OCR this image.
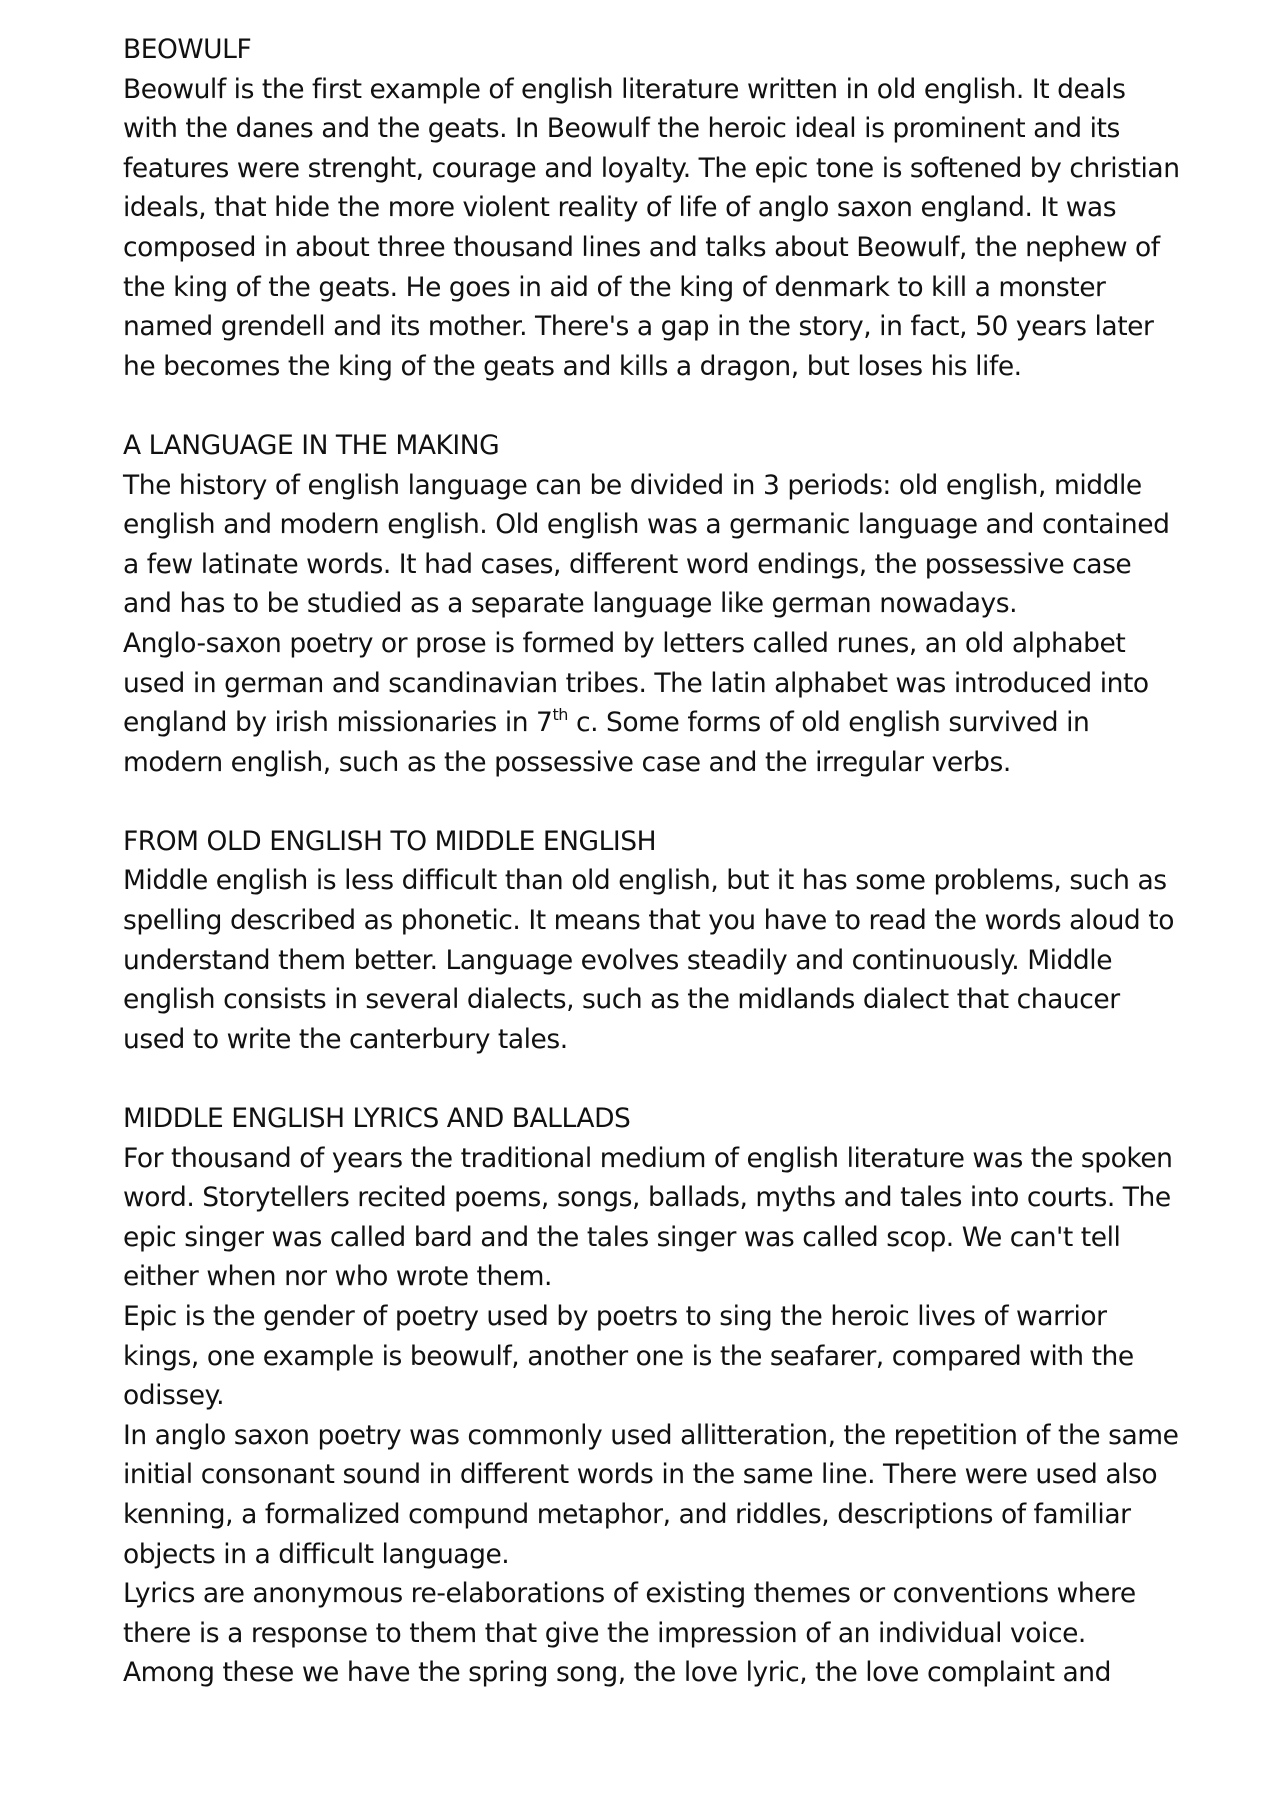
BEOWULF

Beowulf is the first example of english literature written in old english. It deals with the danes and the geats. In Beowulf the heroic ideal is prominent and its features were strenght, courage and loyalty. The epic tone is softened by christian ideals, that hide the more violent reality of life of anglo saxon england. It was composed in about three thousand lines and talks about Beowulf, the nephew of the king of the geats. He goes in aid of the king of denmark to kill a monster named grendell and its mother. There's a gap in the story, in fact, 50 years later he becomes the king of the geats and kills a dragon, but loses his life.

A LANGUAGE IN THE MAKING

The history of english language can be divided in 3 periods: old english, middle english and modern english. Old english was a germanic language and contained a few latinate words. It had cases, different word endings, the possessive case and has to be studied as a separate language like german nowadays.

Anglo-saxon poetry or prose is formed by letters called runes, an old alphabet used in german and scandinavian tribes. The latin alphabet was introduced into england by irish missionaries in 7th c. Some forms of old english survived in modern english, such as the possessive case and the irregular verbs.

FROM OLD ENGLISH TO MIDDLE ENGLISH

Middle english is less difficult than old english, but it has some problems, such as spelling described as phonetic. It means that you have to read the words aloud to understand them better. Language evolves steadily and continuously. Middle english consists in several dialects, such as the midlands dialect that chaucer used to write the canterbury tales.

MIDDLE ENGLISH LYRICS AND BALLADS

For thousand of years the traditional medium of english literature was the spoken word. Storytellers recited poems, songs, ballads, myths and tales into courts. The epic singer was called bard and the tales singer was called scop. We can't tell either when nor who wrote them.

Epic is the gender of poetry used by poetrs to sing the heroic lives of warrior kings, one example is beowulf, another one is the seafarer, compared with the odissey.

In anglo saxon poetry was commonly used allitteration, the repetition of the same initial consonant sound in different words in the same line. There were used also kenning, a formalized compund metaphor, and riddles, descriptions of familiar objects in a difficult language.

Lyrics are anonymous re-elaborations of existing themes or conventions where there is a response to them that give the impression of an individual voice. Among these we have the spring song, the love lyric, the love complaint and
